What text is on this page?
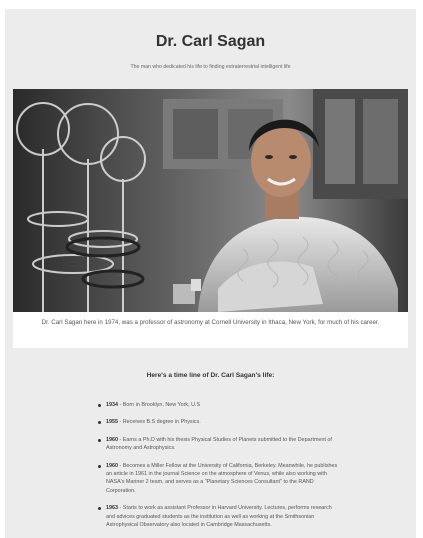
Dr. Carl Sagan
The man who dedicated his life to finding extraterrestrial intelligent life
Dr. Carl Sagan here in 1974, was a professor of astronomy at Cornell University in Ithaca, New York, for much of his career.
Here's a time line of Dr. Carl Sagan's life:
1934 - Born in Brooklyn, New York, U.S
1955 - Receives B.S degree in Physics.
1960 - Earns a Ph.D with his thesis Physical Studies of Planets submitted to the Department of Astronomy and Astrophysics.
1960 - Becomes a Miller Fellow at the University of California, Berkeley. Meanwhile, he publishes an article in 1961 in the journal Science on the atmosphere of Venus, while also working with NASA's Mariner 2 team, and serves as a "Planetary Sciences Consultant" to the RAND Corporation.
1963 - Starts to work as assistant Professor in Harvard University. Lectures, performs research and advices graduated students as the institution as well as working at the Smithsonian Astrophysical Observatory also located in Cambridge Massachusetts.
